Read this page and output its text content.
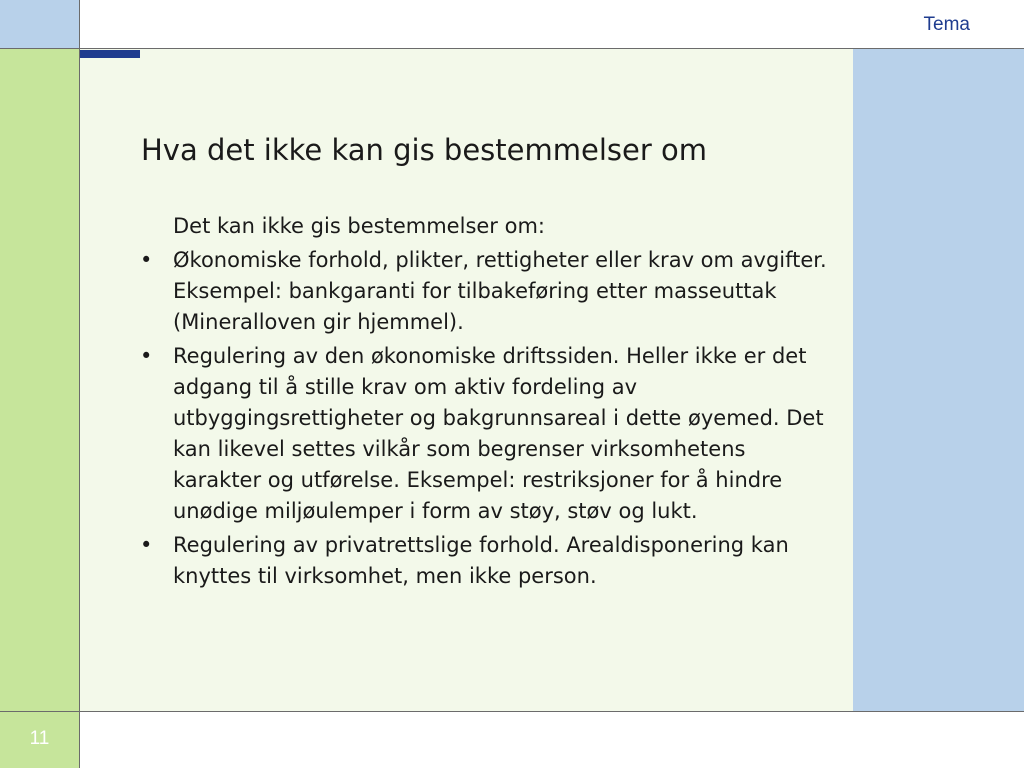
Tema
Hva det ikke kan gis bestemmelser om

Det kan ikke gis bestemmelser om:

• Økonomiske forhold, plikter, rettigheter eller krav om avgifter. Eksempel: bankgaranti for tilbakeføring etter masseuttak (Mineralloven gir hjemmel).
• Regulering av den økonomiske driftssiden. Heller ikke er det adgang til å stille krav om aktiv fordeling av utbyggingsrettigheter og bakgrunnsareal i dette øyemed. Det kan likevel settes vilkår som begrenser virksomhetens karakter og utførelse. Eksempel: restriksjoner for å hindre unødige miljøulemper i form av støy, støv og lukt.
• Regulering av privatrettslige forhold. Arealdisponering kan knyttes til virksomhet, men ikke person.
11
